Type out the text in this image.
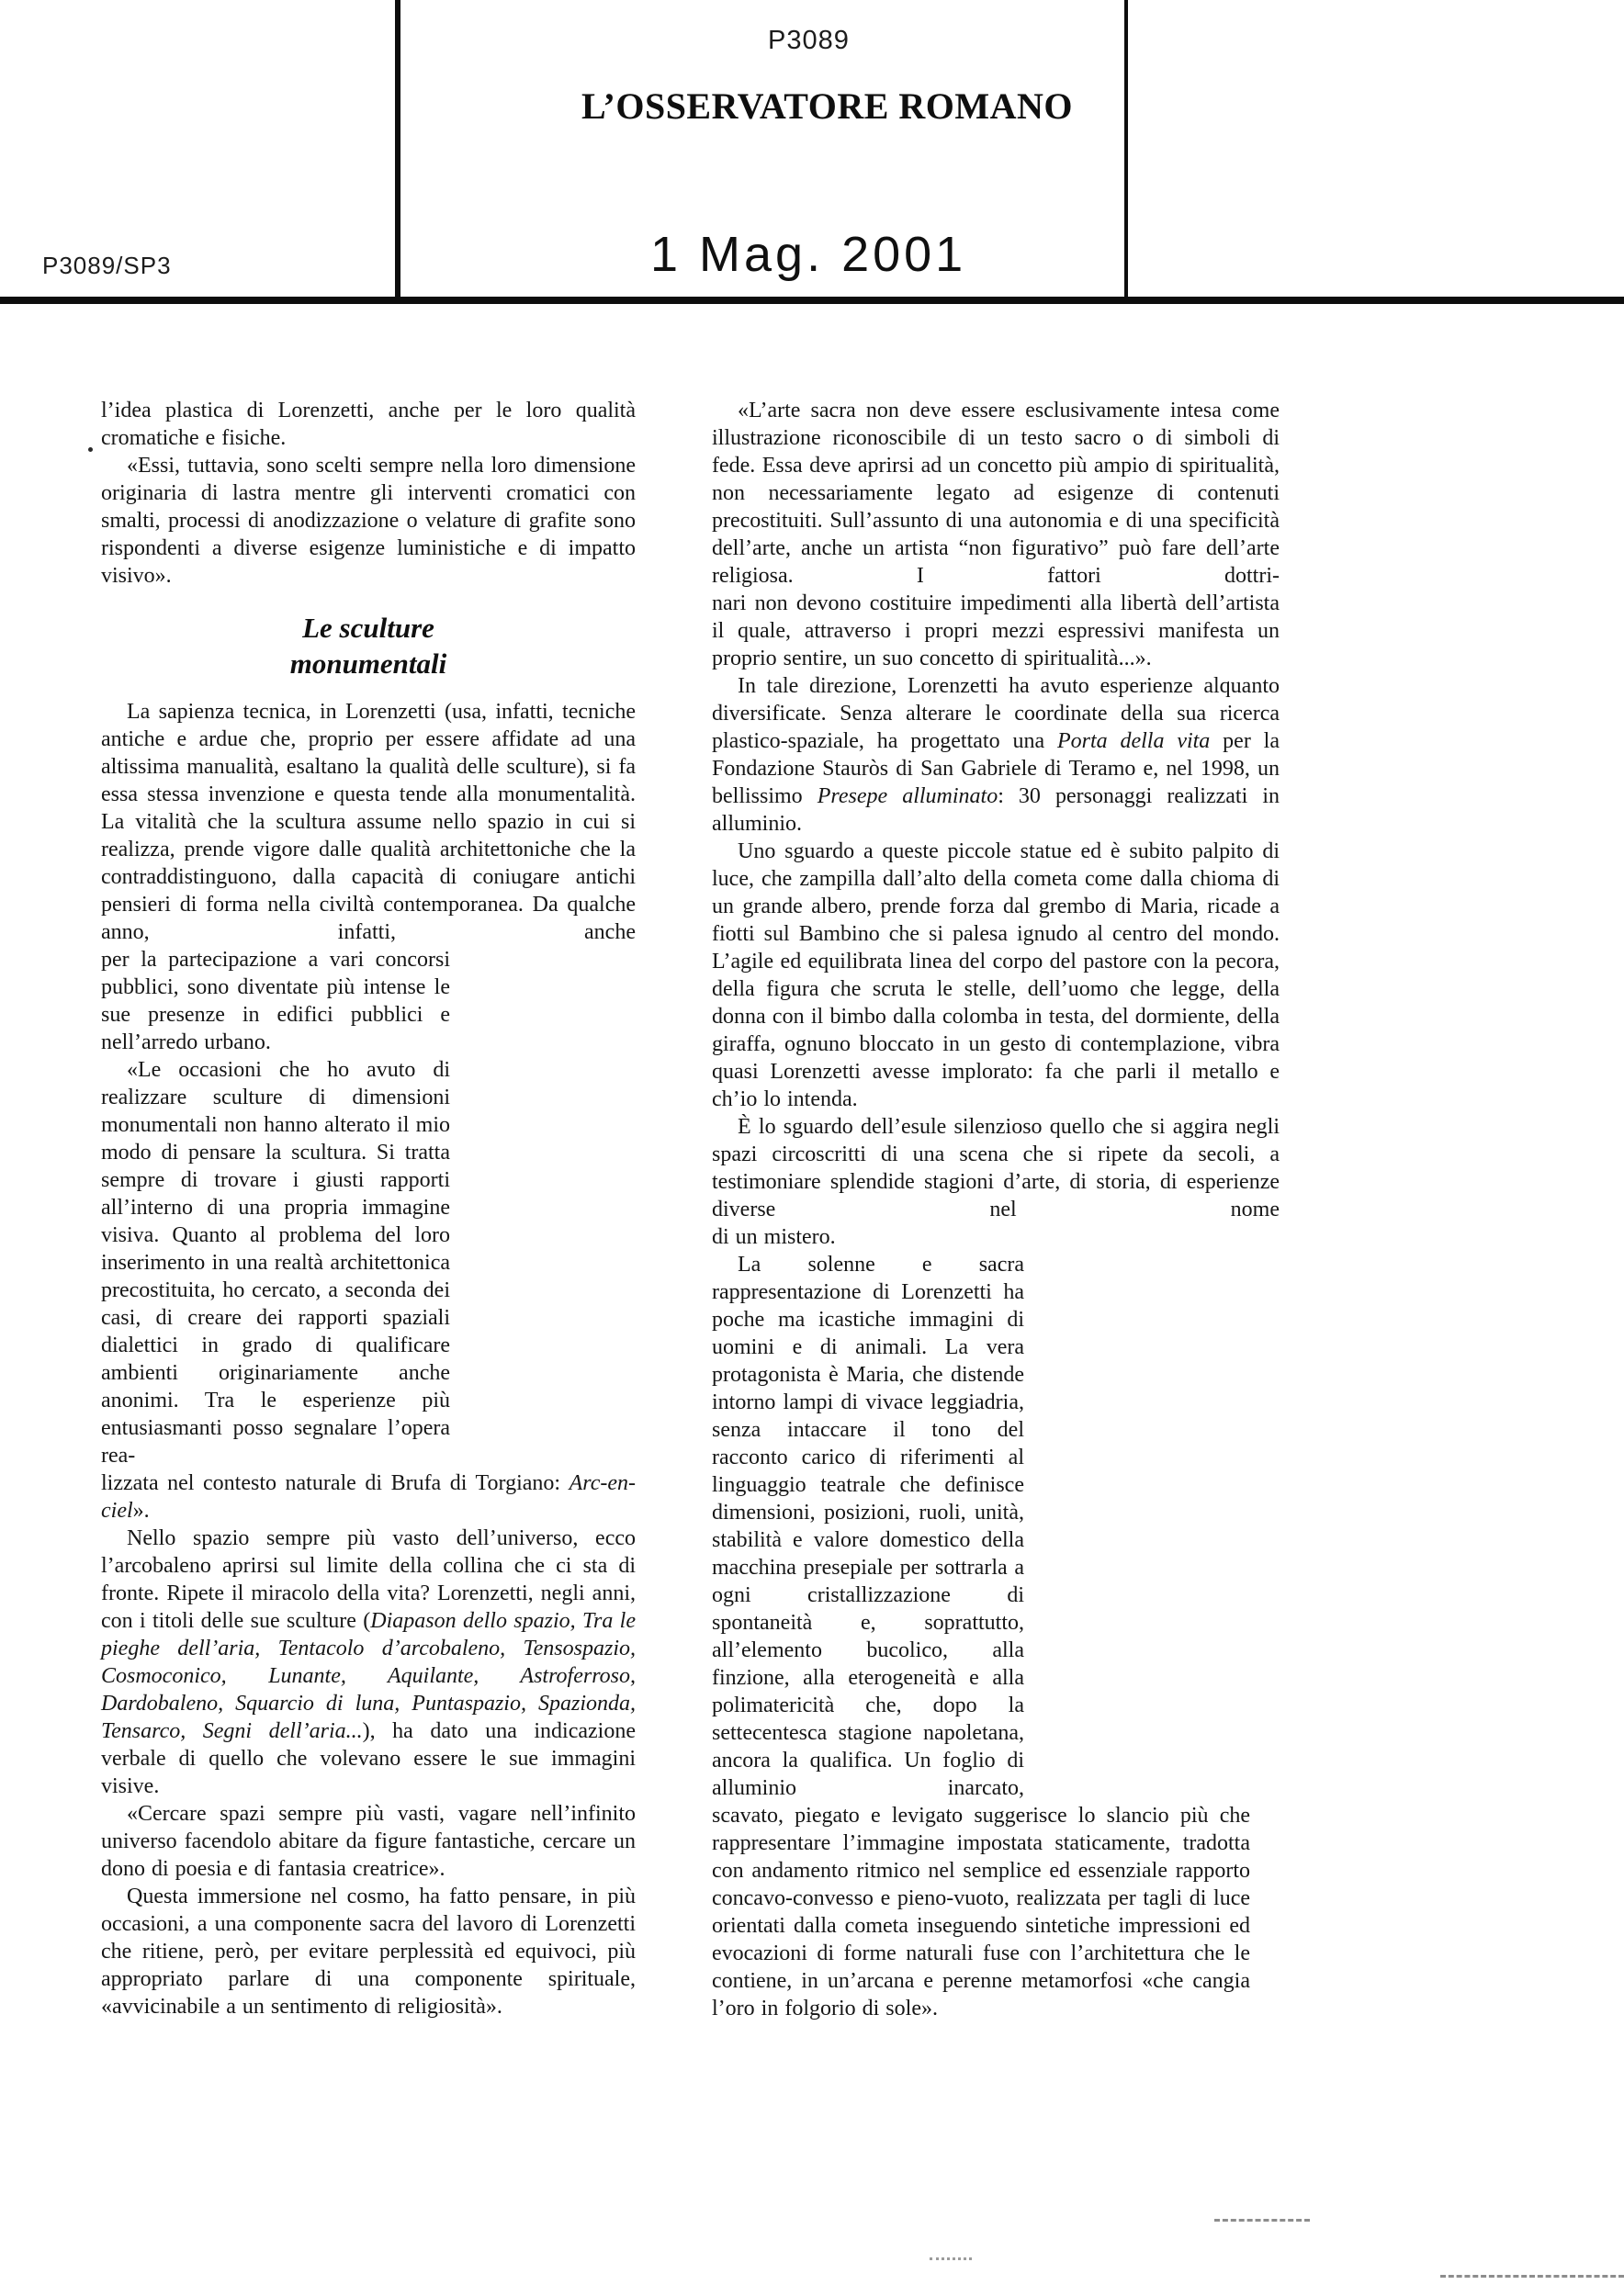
P3089
L’OSSERVATORE ROMANO
1 Mag. 2001
P3089/SP3

l’idea plastica di Lorenzetti, anche per le loro qualità cromatiche e fisiche.

«Essi, tuttavia, sono scelti sempre nella loro dimensione originaria di lastra mentre gli interventi cromatici con smalti, processi di anodizzazione o velature di grafite sono rispondenti a diverse esigenze luministiche e di impatto visivo».

Le sculture
monumentali

La sapienza tecnica, in Lorenzetti (usa, infatti, tecniche antiche e ardue che, proprio per essere affidate ad una altissima manualità, esaltano la qualità delle sculture), si fa essa stessa invenzione e questa tende alla monumentalità. La vitalità che la scultura assume nello spazio in cui si realizza, prende vigore dalle qualità architettoniche che la contraddistinguono, dalla capacità di coniugare antichi pensieri di forma nella civiltà contemporanea. Da qualche anno, infatti, anche

per la partecipazione a vari concorsi pubblici, sono diventate più intense le sue presenze in edifici pubblici e nell’arredo urbano.

«Le occasioni che ho avuto di realizzare sculture di dimensioni monumentali non hanno alterato il mio modo di pensare la scultura. Si tratta sempre di trovare i giusti rapporti all’interno di una propria immagine visiva. Quanto al problema del loro inserimento in una realtà architettonica precostituita, ho cercato, a seconda dei casi, di creare dei rapporti spaziali dialettici in grado di qualificare ambienti originariamente anche anonimi. Tra le esperienze più entusiasmanti posso segnalare l’opera rea-

lizzata nel contesto naturale di Brufa di Torgiano: Arc-en-ciel».

Nello spazio sempre più vasto dell’universo, ecco l’arcobaleno aprirsi sul limite della collina che ci sta di fronte. Ripete il miracolo della vita? Lorenzetti, negli anni, con i titoli delle sue sculture (Diapason dello spazio, Tra le pieghe dell’aria, Tentacolo d’arcobaleno, Tensospazio, Cosmoconico, Lunante, Aquilante, Astroferroso, Dardobaleno, Squarcio di luna, Puntaspazio, Spazionda, Tensarco, Segni dell’aria...), ha dato una indicazione verbale di quello che volevano essere le sue immagini visive.

«Cercare spazi sempre più vasti, vagare nell’infinito universo facendolo abitare da figure fantastiche, cercare un dono di poesia e di fantasia creatrice».

Questa immersione nel cosmo, ha fatto pensare, in più occasioni, a una componente sacra del lavoro di Lorenzetti che ritiene, però, per evitare perplessità ed equivoci, più appropriato parlare di una componente spirituale, «avvicinabile a un sentimento di religiosità».

«L’arte sacra non deve essere esclusivamente intesa come illustrazione riconoscibile di un testo sacro o di simboli di fede. Essa deve aprirsi ad un concetto più ampio di spiritualità, non necessariamente legato ad esigenze di contenuti precostituiti. Sull’assunto di una autonomia e di una specificità dell’arte, anche un artista “non figurativo” può fare dell’arte religiosa. I fattori dottri-

nari non devono costituire impedimenti alla libertà dell’artista il quale, attraverso i propri mezzi espressivi manifesta un proprio sentire, un suo concetto di spiritualità...».

In tale direzione, Lorenzetti ha avuto esperienze alquanto diversificate. Senza alterare le coordinate della sua ricerca plastico-spaziale, ha progettato una Porta della vita per la Fondazione Stauròs di San Gabriele di Teramo e, nel 1998, un bellissimo Presepe alluminato: 30 personaggi realizzati in alluminio.

Uno sguardo a queste piccole statue ed è subito palpito di luce, che zampilla dall’alto della cometa come dalla chioma di un grande albero, prende forza dal grembo di Maria, ricade a fiotti sul Bambino che si palesa ignudo al centro del mondo. L’agile ed equilibrata linea del corpo del pastore con la pecora, della figura che scruta le stelle, dell’uomo che legge, della donna con il bimbo dalla colomba in testa, del dormiente, della giraffa, ognuno bloccato in un gesto di contemplazione, vibra quasi Lorenzetti avesse implorato: fa che parli il metallo e ch’io lo intenda.

È lo sguardo dell’esule silenzioso quello che si aggira negli spazi circoscritti di una scena che si ripete da secoli, a testimoniare splendide stagioni d’arte, di storia, di esperienze diverse nel nome

di un mistero.

La solenne e sacra rappresentazione di Lorenzetti ha poche ma icastiche immagini di uomini e di animali. La vera protagonista è Maria, che distende intorno lampi di vivace leggiadria, senza intaccare il tono del racconto carico di riferimenti al linguaggio teatrale che definisce dimensioni, posizioni, ruoli, unità, stabilità e valore domestico della macchina presepiale per sottrarla a ogni cristallizzazione di spontaneità e, soprattutto, all’elemento bucolico, alla finzione, alla eterogeneità e alla polimatericità che, dopo la settecentesca stagione napoletana, ancora la qualifica. Un foglio di alluminio inarcato,

scavato, piegato e levigato suggerisce lo slancio più che rappresentare l’immagine impostata staticamente, tradotta con andamento ritmico nel semplice ed essenziale rapporto concavo-convesso e pieno-vuoto, realizzata per tagli di luce orientati dalla cometa inseguendo sintetiche impressioni ed evocazioni di forme naturali fuse con l’architettura che le contiene, in un’arcana e perenne metamorfosi «che cangia l’oro in folgorio di sole».
